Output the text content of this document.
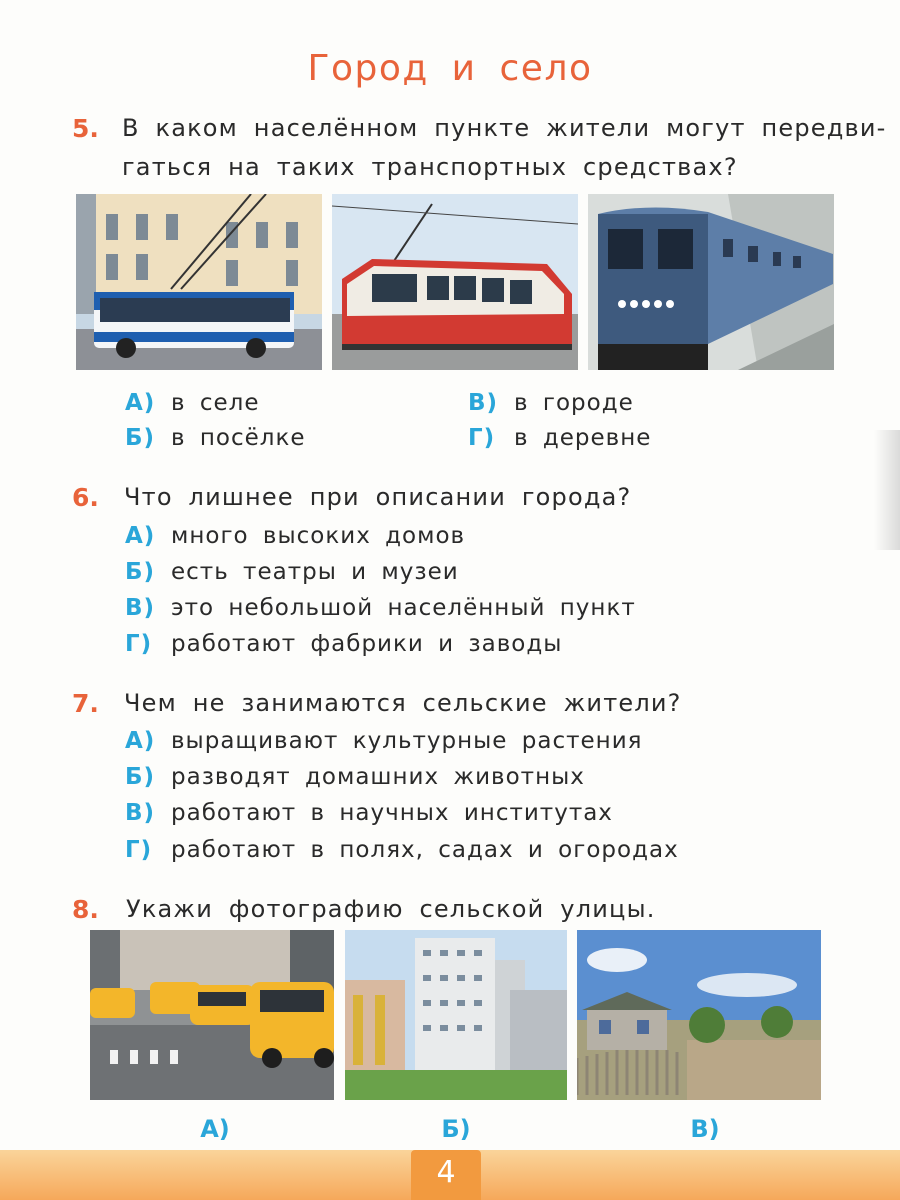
Город и село
5. В каком населённом пункте жители могут передви-
гаться на таких транспортных средствах?
А) в селе
Б) в посёлке
В) в городе
Г) в деревне
6. Что лишнее при описании города?
А) много высоких домов
Б) есть театры и музеи
В) это небольшой населённый пункт
Г) работают фабрики и заводы
7. Чем не занимаются сельские жители?
А) выращивают культурные растения
Б) разводят домашних животных
В) работают в научных институтах
Г) работают в полях, садах и огородах
8. Укажи фотографию сельской улицы.
А)	Б)	В)
4
